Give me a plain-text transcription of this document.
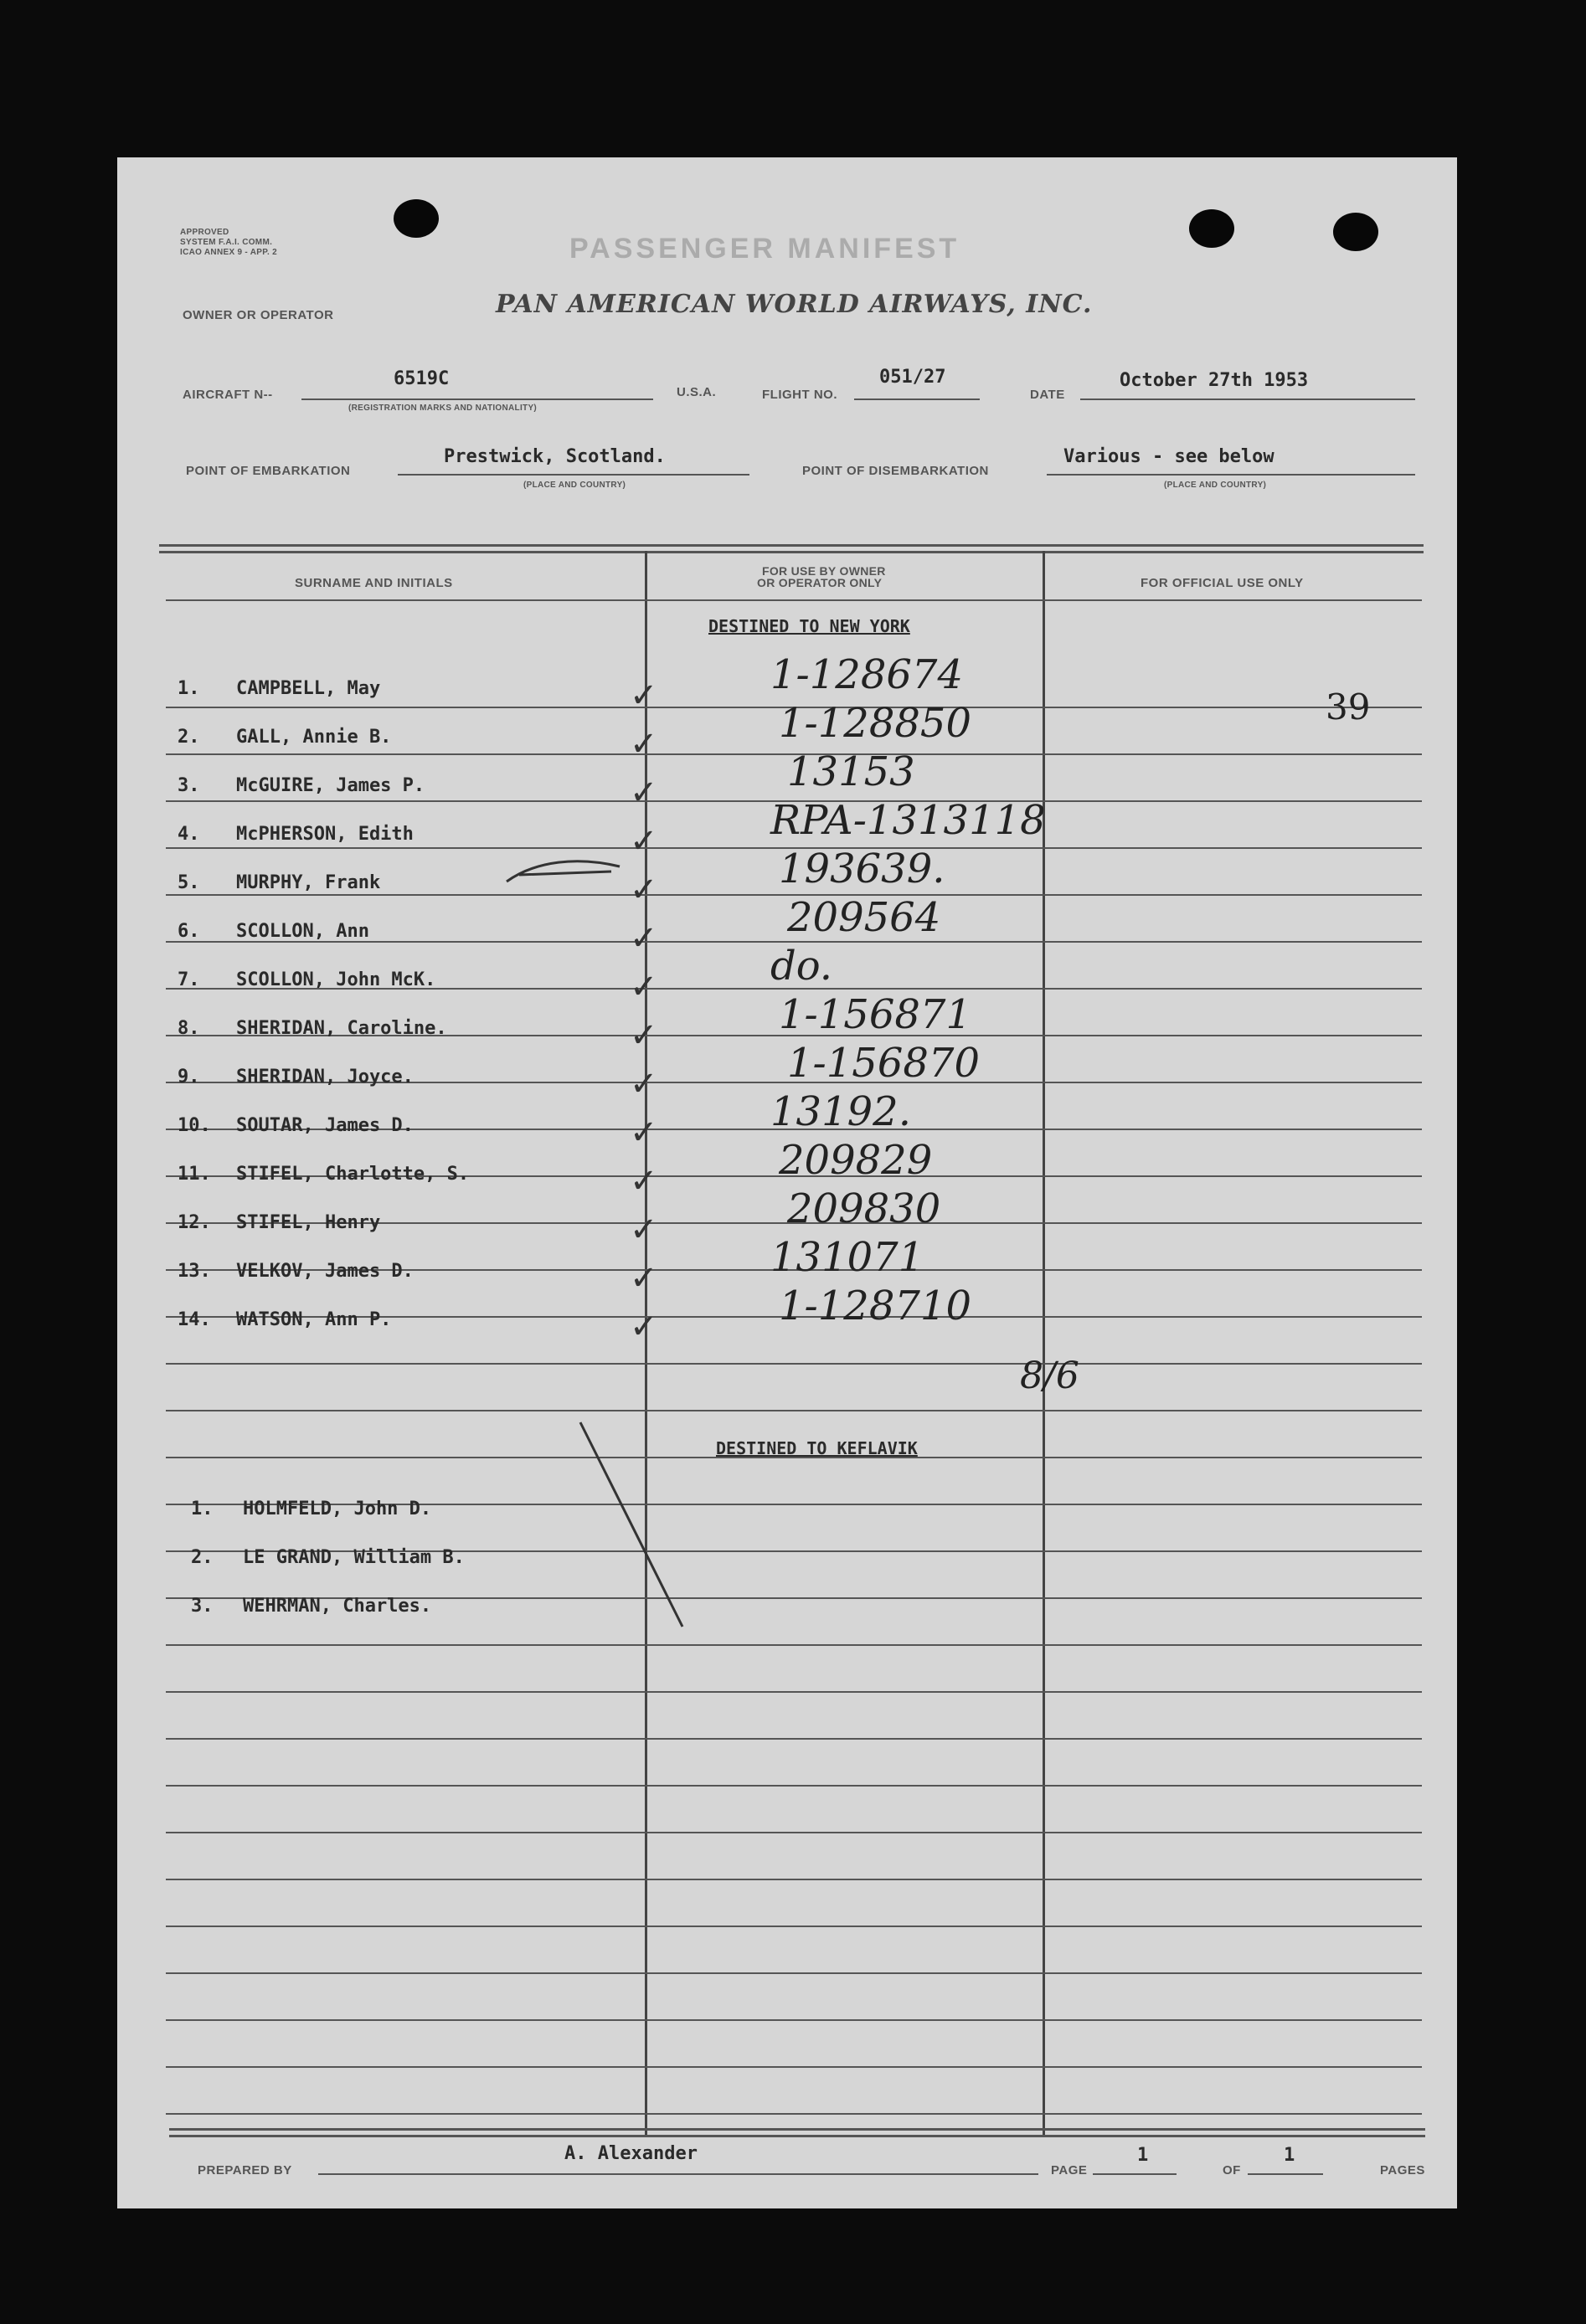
APPROVED
SYSTEM F.A.I. COMM.
ICAO ANNEX 9 - APP. 2	PASSENGER MANIFEST
OWNER OR OPERATOR	PAN AMERICAN WORLD AIRWAYS, INC.
AIRCRAFT N--
6519C
(REGISTRATION MARKS AND NATIONALITY)
U.S.A.	FLIGHT NO.
051/27
DATE
October 27th 1953
POINT OF EMBARKATION
Prestwick, Scotland.
(PLACE AND COUNTRY)
POINT OF DISEMBARKATION
Various - see below
(PLACE AND COUNTRY)
SURNAME AND INITIALS
FOR USE BY OWNER
OR OPERATOR ONLY	FOR OFFICIAL USE ONLY
DESTINED TO NEW YORK
1. CAMPBELL, May	✓	1-128674
2. GALL, Annie B.	✓	1-128850
3. McGUIRE, James P.	✓	13153
4. McPHERSON, Edith	✓	RPA-1313118
5. MURPHY, Frank	✓	193639.
6. SCOLLON, Ann	✓	209564
7. SCOLLON, John McK.	✓	do.
8. SHERIDAN, Caroline.	✓	1-156871
9. SHERIDAN, Joyce.	✓	1-156870
10. SOUTAR, James D.	✓	13192.
11. STIFEL, Charlotte, S.	✓	209829
12. STIFEL, Henry	✓	209830
13. VELKOV, James D.	✓	131071
14. WATSON, Ann P.	✓	1-128710
39
8/6
DESTINED TO KEFLAVIK
1. HOLMFELD, John D.
2. LE GRAND, William B.
3. WEHRMAN, Charles.
PREPARED BY
A. Alexander
PAGE
1
OF
1
PAGES
